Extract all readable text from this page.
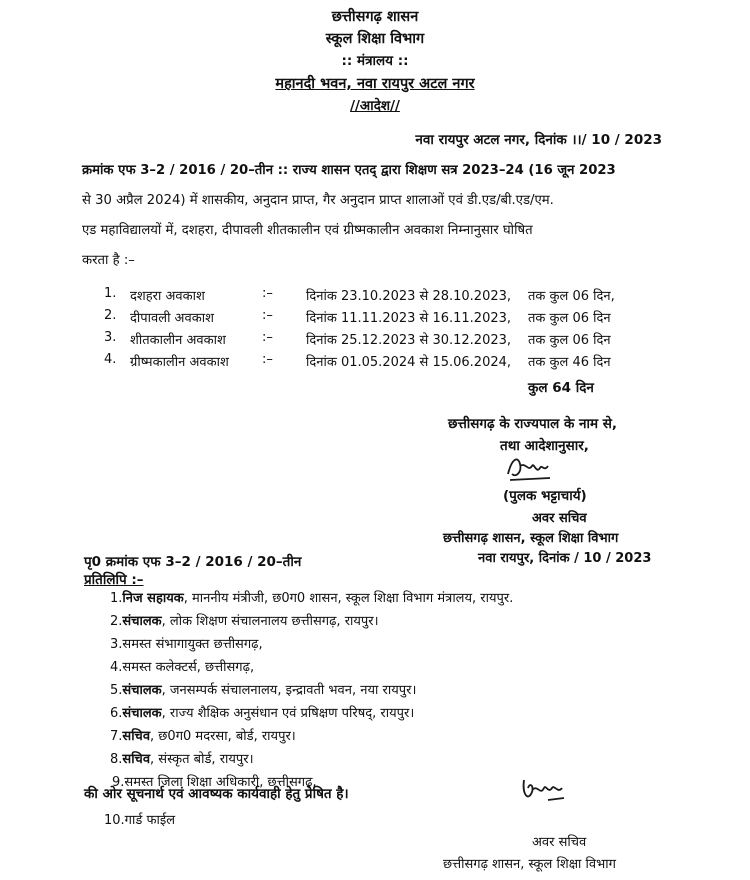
छत्तीसगढ़ शासन
स्कूल शिक्षा विभाग
:: मंत्रालय ::
महानदी भवन, नवा रायपुर अटल नगर
//आदेश//
नवा रायपुर अटल नगर, दिनांक ।।/ 10 / 2023
क्रमांक एफ 3–2 / 2016 / 20–तीन :: राज्य शासन एतद् द्वारा शिक्षण सत्र 2023–24 (16 जून 2023
से 30 अप्रैल 2024) में शासकीय, अनुदान प्राप्त, गैर अनुदान प्राप्त शालाओं एवं डी.एड/बी.एड/एम.
एड महाविद्यालयों में, दशहरा, दीपावली शीतकालीन एवं ग्रीष्मकालीन अवकाश निम्नानुसार घोषित
करता है :–
1. दशहरा अवकाश	:–	दिनांक 23.10.2023 से 28.10.2023, तक कुल 06 दिन,
2. दीपावली अवकाश	:–	दिनांक 11.11.2023 से 16.11.2023, तक कुल 06 दिन
3. शीतकालीन अवकाश	:–	दिनांक 25.12.2023 से 30.12.2023, तक कुल 06 दिन
4. ग्रीष्मकालीन अवकाश	:–	दिनांक 01.05.2024 से 15.06.2024, तक कुल 46 दिन
कुल 64 दिन
छत्तीसगढ़ के राज्यपाल के नाम से,
तथा आदेशानुसार,
(पुलक भट्टाचार्य)
अवर सचिव
छत्तीसगढ़ शासन, स्कूल शिक्षा विभाग
नवा रायपुर, दिनांक / 10 / 2023
पृ0 क्रमांक एफ 3–2 / 2016 / 20–तीन
प्रतिलिपि :–
1.निज सहायक, माननीय मंत्रीजी, छ0ग0 शासन, स्कूल शिक्षा विभाग मंत्रालय, रायपुर.
2.संचालक, लोक शिक्षण संचालनालय छत्तीसगढ़, रायपुर।
3.समस्त संभागायुक्त छत्तीसगढ़,
4.समस्त कलेक्टर्स, छत्तीसगढ़,
5.संचालक, जनसम्पर्क संचालनालय, इन्द्रावती भवन, नया रायपुर।
6.संचालक, राज्य शैक्षिक अनुसंधान एवं प्रषिक्षण परिषद्, रायपुर।
7.सचिव, छ0ग0 मदरसा, बोर्ड, रायपुर।
8.सचिव, संस्कृत बोर्ड, रायपुर।
9.समस्त जिला शिक्षा अधिकारी, छत्तीसगढ़,
की ओर सूचनार्थ एवं आवष्यक कार्यवाही हेतु प्रेषित है।
10.गार्ड फाईल
अवर सचिव
छत्तीसगढ़ शासन, स्कूल शिक्षा विभाग
